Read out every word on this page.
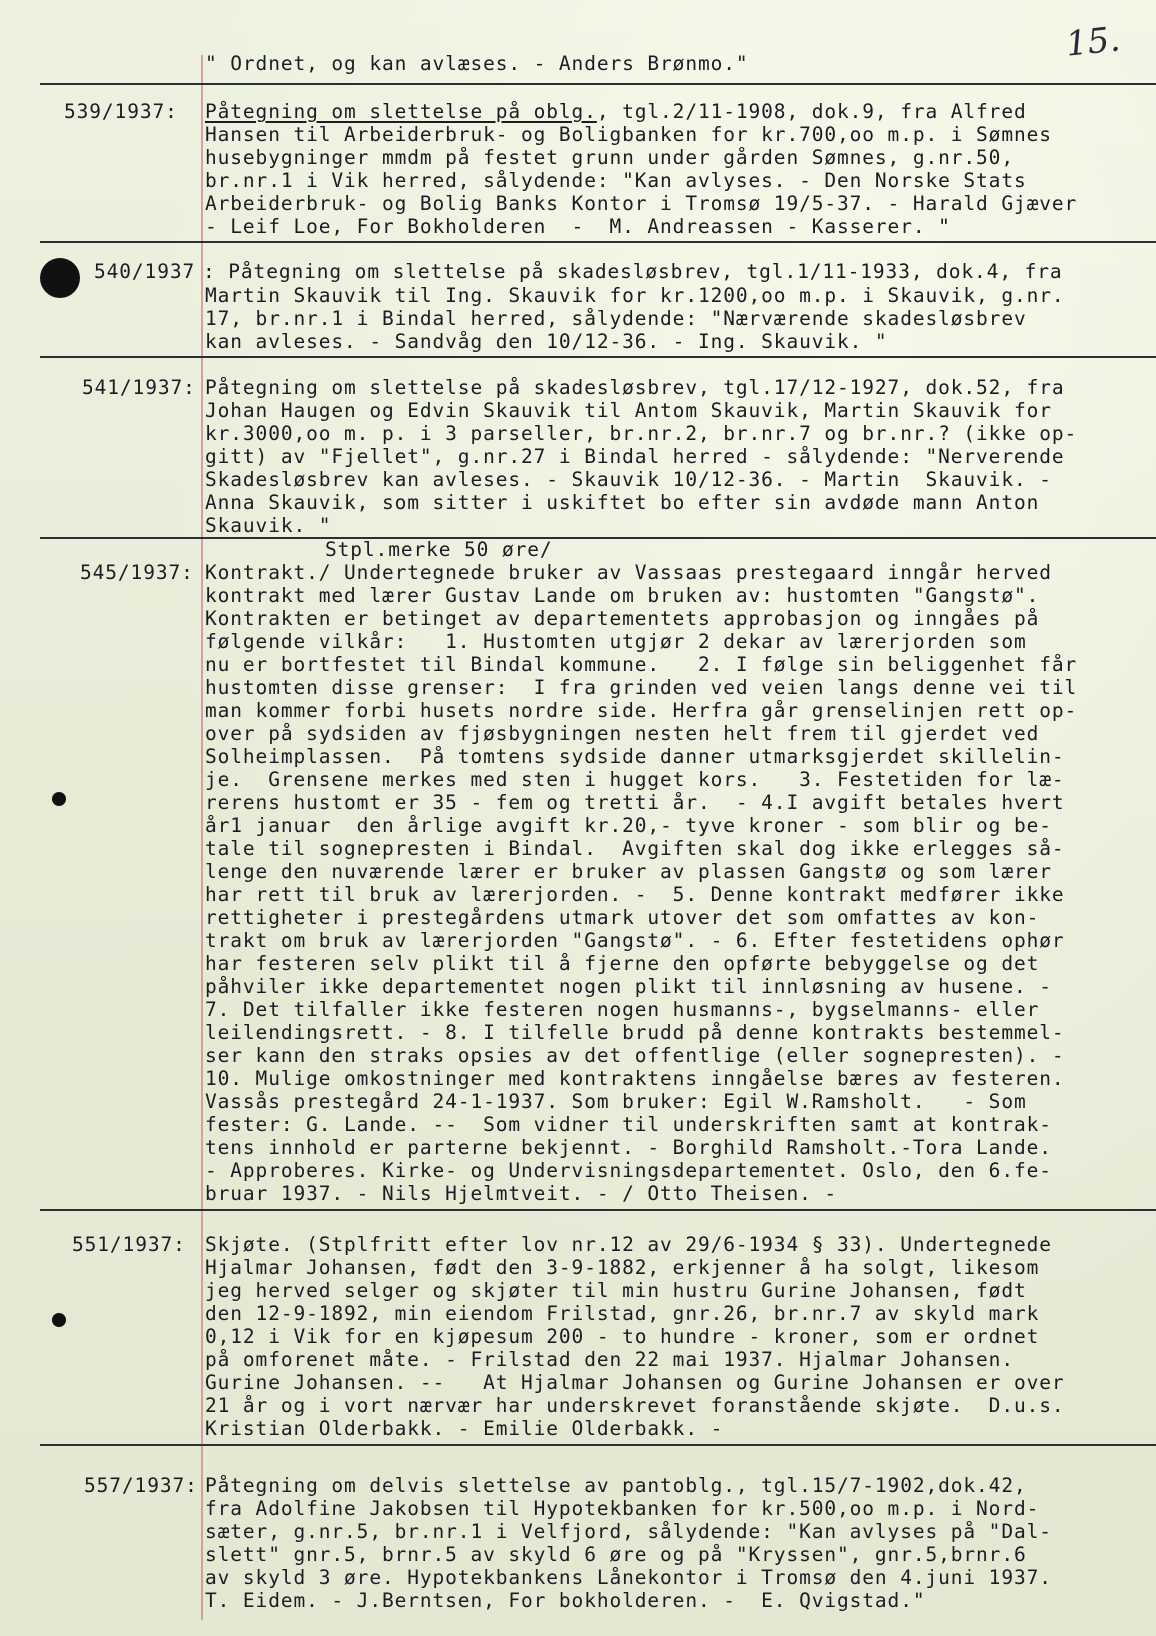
15.
" Ordnet, og kan avlæses. - Anders Brønmo."
539/1937: Påtegning om slettelse på oblg., tgl.2/11-1908, dok.9, fra Alfred
Hansen til Arbeiderbruk- og Boligbanken for kr.700,oo m.p. i Sømnes
husebygninger mmdm på festet grunn under gården Sømnes, g.nr.50,
br.nr.1 i Vik herred, sålydende: "Kan avlyses. - Den Norske Stats
Arbeiderbruk- og Bolig Banks Kontor i Tromsø 19/5-37. - Harald Gjæver
- Leif Loe, For Bokholderen  -  M. Andreassen - Kasserer. "
540/1937 : Påtegning om slettelse på skadesløsbrev, tgl.1/11-1933, dok.4, fra
Martin Skauvik til Ing. Skauvik for kr.1200,oo m.p. i Skauvik, g.nr.
17, br.nr.1 i Bindal herred, sålydende: "Nærværende skadesløsbrev
kan avleses. - Sandvåg den 10/12-36. - Ing. Skauvik. "
541/1937: Påtegning om slettelse på skadesløsbrev, tgl.17/12-1927, dok.52, fra
Johan Haugen og Edvin Skauvik til Antom Skauvik, Martin Skauvik for
kr.3000,oo m. p. i 3 parseller, br.nr.2, br.nr.7 og br.nr.? (ikke op-
gitt) av "Fjellet", g.nr.27 i Bindal herred - sålydende: "Nerverende
Skadesløsbrev kan avleses. - Skauvik 10/12-36. - Martin  Skauvik. -
Anna Skauvik, som sitter i uskiftet bo efter sin avdøde mann Anton
Skauvik. "
Stpl.merke 50 øre/
545/1937: Kontrakt./ Undertegnede bruker av Vassaas prestegaard inngår herved
kontrakt med lærer Gustav Lande om bruken av: hustomten "Gangstø".
Kontrakten er betinget av departementets approbasjon og inngåes på
følgende vilkår:   1. Hustomten utgjør 2 dekar av lærerjorden som
nu er bortfestet til Bindal kommune.   2. I følge sin beliggenhet får
hustomten disse grenser:  I fra grinden ved veien langs denne vei til
man kommer forbi husets nordre side. Herfra går grenselinjen rett op-
over på sydsiden av fjøsbygningen nesten helt frem til gjerdet ved
Solheimplassen.  På tomtens sydside danner utmarksgjerdet skillelin-
je.  Grensene merkes med sten i hugget kors.   3. Festetiden for læ-
rerens hustomt er 35 - fem og tretti år.  - 4.I avgift betales hvert
år1 januar  den årlige avgift kr.20,- tyve kroner - som blir og be-
tale til sognepresten i Bindal.  Avgiften skal dog ikke erlegges så-
lenge den nuværende lærer er bruker av plassen Gangstø og som lærer
har rett til bruk av lærerjorden. -  5. Denne kontrakt medfører ikke
rettigheter i prestegårdens utmark utover det som omfattes av kon-
trakt om bruk av lærerjorden "Gangstø". - 6. Efter festetidens ophør
har festeren selv plikt til å fjerne den opførte bebyggelse og det
påhviler ikke departementet nogen plikt til innløsning av husene. -
7. Det tilfaller ikke festeren nogen husmanns-, bygselmanns- eller
leilendingsrett. - 8. I tilfelle brudd på denne kontrakts bestemmel-
ser kann den straks opsies av det offentlige (eller sognepresten). -
10. Mulige omkostninger med kontraktens inngåelse bæres av festeren.
Vassås prestegård 24-1-1937. Som bruker: Egil W.Ramsholt.   - Som
fester: G. Lande. --  Som vidner til underskriften samt at kontrak-
tens innhold er parterne bekjennt. - Borghild Ramsholt.-Tora Lande.
- Approberes. Kirke- og Undervisningsdepartementet. Oslo, den 6.fe-
bruar 1937. - Nils Hjelmtveit. - / Otto Theisen. -
551/1937: Skjøte. (Stplfritt efter lov nr.12 av 29/6-1934 § 33). Undertegnede
Hjalmar Johansen, født den 3-9-1882, erkjenner å ha solgt, likesom
jeg herved selger og skjøter til min hustru Gurine Johansen, født
den 12-9-1892, min eiendom Frilstad, gnr.26, br.nr.7 av skyld mark
0,12 i Vik for en kjøpesum 200 - to hundre - kroner, som er ordnet
på omforenet måte. - Frilstad den 22 mai 1937. Hjalmar Johansen.
Gurine Johansen. --   At Hjalmar Johansen og Gurine Johansen er over
21 år og i vort nærvær har underskrevet foranstående skjøte.  D.u.s.
Kristian Olderbakk. - Emilie Olderbakk. -
557/1937: Påtegning om delvis slettelse av pantoblg., tgl.15/7-1902,dok.42,
fra Adolfine Jakobsen til Hypotekbanken for kr.500,oo m.p. i Nord-
sæter, g.nr.5, br.nr.1 i Velfjord, sålydende: "Kan avlyses på "Dal-
slett" gnr.5, brnr.5 av skyld 6 øre og på "Kryssen", gnr.5,brnr.6
av skyld 3 øre. Hypotekbankens Lånekontor i Tromsø den 4.juni 1937.
T. Eidem. - J.Berntsen, For bokholderen. -  E. Qvigstad."
